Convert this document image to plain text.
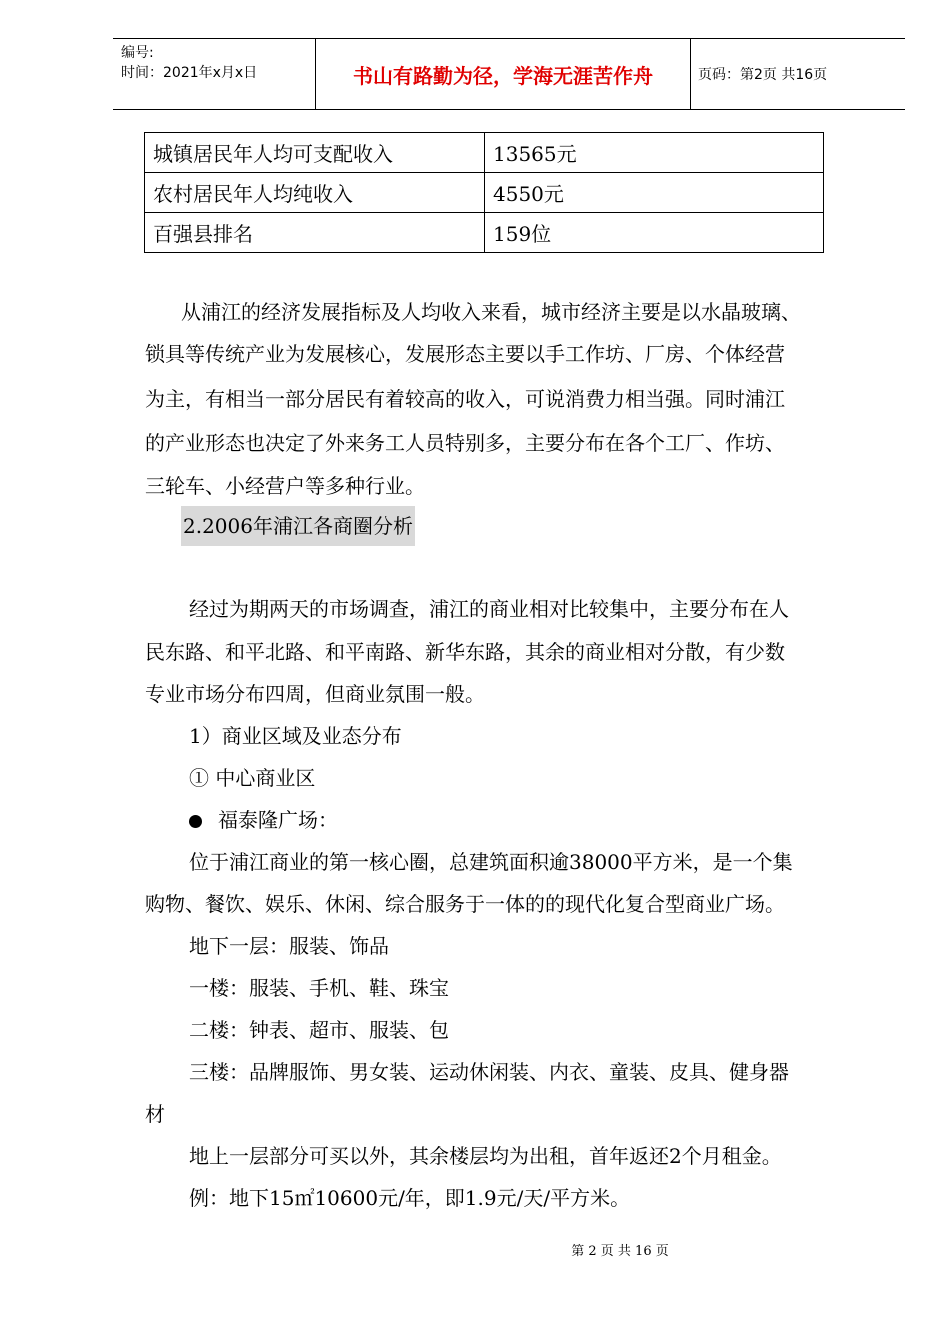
编号:
时间：2021年x月x日	书山有路勤为径，学海无涯苦作舟	页码：第2页 共16页
城镇居民年人均可支配收入	13565元
农村居民年人均纯收入	4550元
百强县排名	159位
从浦江的经济发展指标及人均收入来看，城市经济主要是以水晶玻璃、
锁具等传统产业为发展核心，发展形态主要以手工作坊、厂房、个体经营
为主，有相当一部分居民有着较高的收入，可说消费力相当强。同时浦江
的产业形态也决定了外来务工人员特别多，主要分布在各个工厂、作坊、
三轮车、小经营户等多种行业。
2.2006年浦江各商圈分析
经过为期两天的市场调查，浦江的商业相对比较集中，主要分布在人
民东路、和平北路、和平南路、新华东路，其余的商业相对分散，有少数
专业市场分布四周，但商业氛围一般。
1）商业区域及业态分布
① 中心商业区
福泰隆广场：
位于浦江商业的第一核心圈，总建筑面积逾38000平方米，是一个集
购物、餐饮、娱乐、休闲、综合服务于一体的的现代化复合型商业广场。
地下一层：服装、饰品
一楼：服装、手机、鞋、珠宝
二楼：钟表、超市、服装、包
三楼：品牌服饰、男女装、运动休闲装、内衣、童装、皮具、健身器
材
地上一层部分可买以外，其余楼层均为出租，首年返还2个月租金。
例：地下15㎡10600元/年，即1.9元/天/平方米。
第 2 页 共 16 页
